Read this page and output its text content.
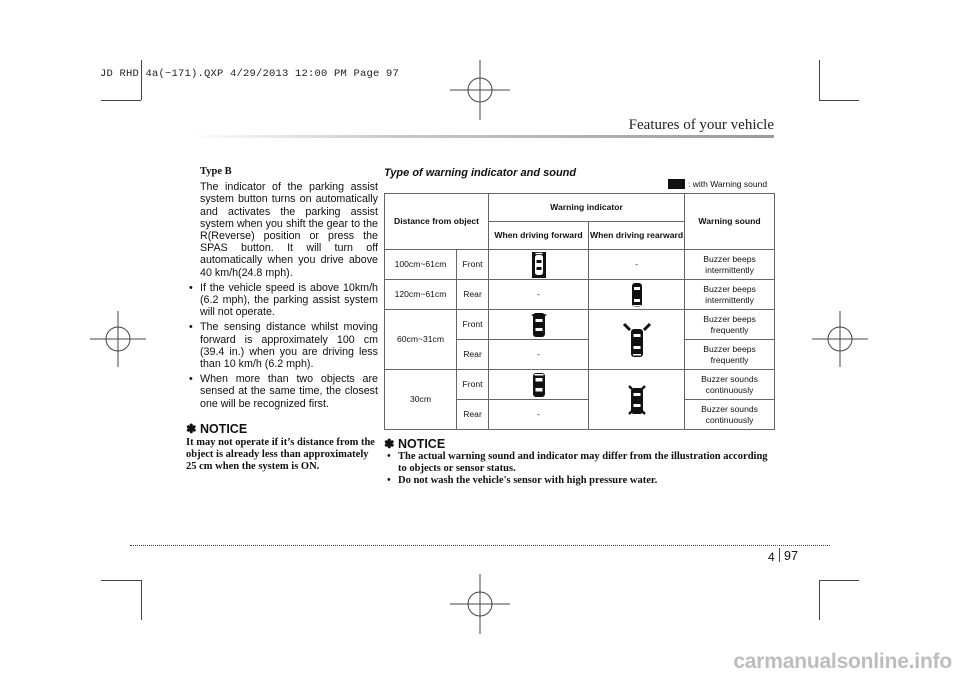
JD RHD 4a(~171).QXP 4/29/2013 12:00 PM Page 97
Features of your vehicle
Type B
The indicator of the parking assist system button turns on automatically and activates the parking assist system when you shift the gear to the R(Reverse) position or press the SPAS button. It will turn off automatically when you drive above 40 km/h(24.8 mph).
• If the vehicle speed is above 10km/h (6.2 mph), the parking assist system will not operate.
• The sensing distance whilst moving forward is approximately 100 cm (39.4 in.) when you are driving less than 10 km/h (6.2 mph).
• When more than two objects are sensed at the same time, the closest one will be recognized first.
✽ NOTICE
It may not operate if it’s distance from the object is already less than approximately 25 cm when the system is ON.
Type of warning indicator and sound
: with Warning sound
Distance from object		Warning indicator		Warning sound
		When driving forward	When driving rearward	
100cm~61cm	Front		-	Buzzer beeps intermittently
120cm~61cm	Rear	-		Buzzer beeps intermittently
60cm~31cm	Front			Buzzer beeps frequently
	Rear	-		Buzzer beeps frequently
30cm	Front			Buzzer sounds continuously
	Rear	-		Buzzer sounds continuously
✽ NOTICE
• The actual warning sound and indicator may differ from the illustration according to objects or sensor status.
• Do not wash the vehicle's sensor with high pressure water.
4 97
carmanualsonline.info
